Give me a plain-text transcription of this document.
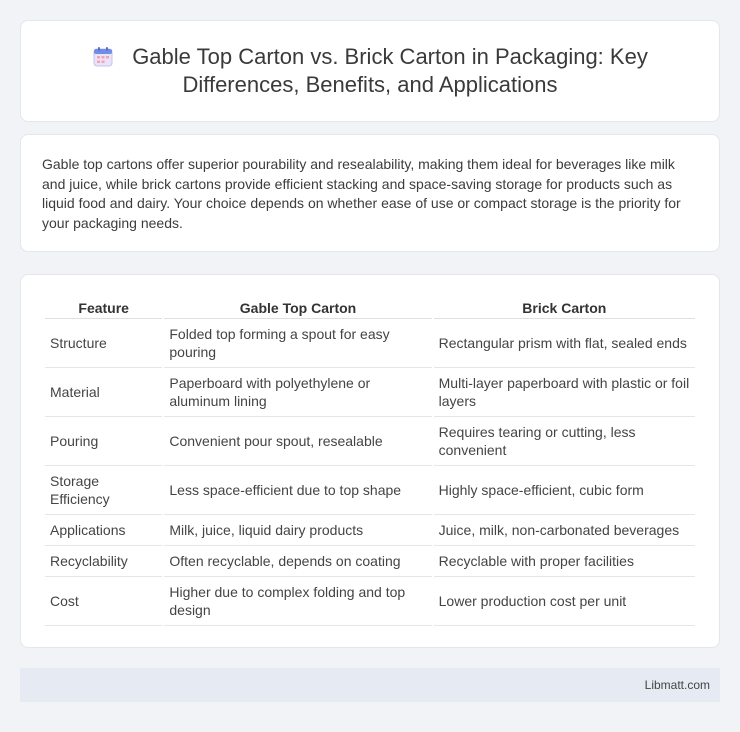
Gable Top Carton vs. Brick Carton in Packaging: Key Differences, Benefits, and Applications

Gable top cartons offer superior pourability and resealability, making them ideal for beverages like milk and juice, while brick cartons provide efficient stacking and space-saving storage for products such as liquid food and dairy. Your choice depends on whether ease of use or compact storage is the priority for your packaging needs.

Feature	Gable Top Carton	Brick Carton
Structure	Folded top forming a spout for easy pouring	Rectangular prism with flat, sealed ends
Material	Paperboard with polyethylene or aluminum lining	Multi-layer paperboard with plastic or foil layers
Pouring	Convenient pour spout, resealable	Requires tearing or cutting, less convenient
Storage Efficiency	Less space-efficient due to top shape	Highly space-efficient, cubic form
Applications	Milk, juice, liquid dairy products	Juice, milk, non-carbonated beverages
Recyclability	Often recyclable, depends on coating	Recyclable with proper facilities
Cost	Higher due to complex folding and top design	Lower production cost per unit
Libmatt.com
